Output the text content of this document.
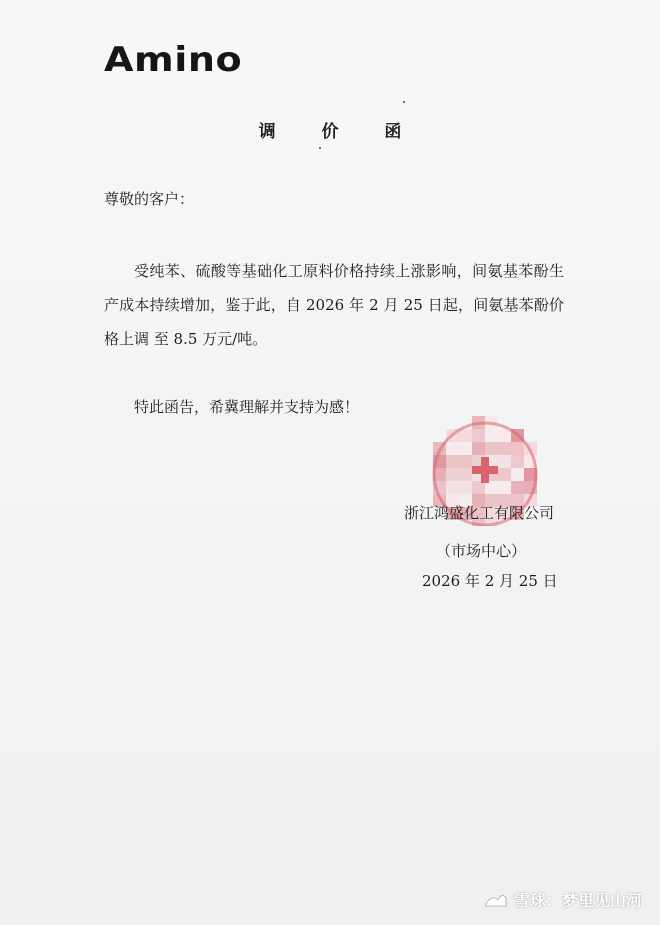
Amino
调	价	函
尊敬的客户：
受纯苯、硫酸等基础化工原料价格持续上涨影响，间氨基苯酚生产成本持续增加，鉴于此，自 2026 年 2 月 25 日起，间氨基苯酚价格上调 至 8.5 万元/吨。
特此函告，希冀理解并支持为感！
浙江鸿盛化工有限公司
（市场中心）
2026 年 2 月 25 日
雪球：梦里见山河
